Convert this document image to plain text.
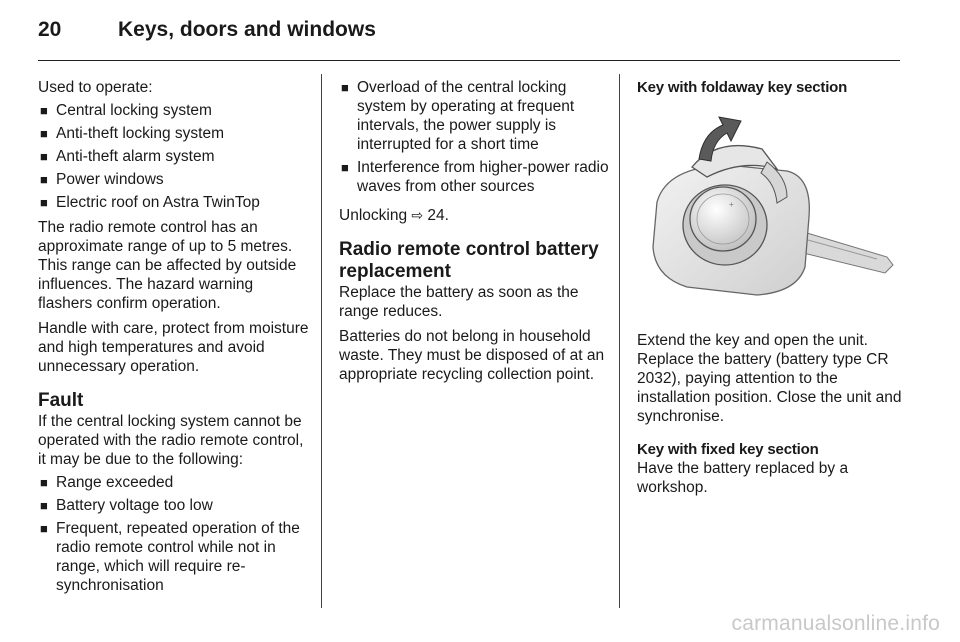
20	Keys, doors and windows

Used to operate:

■ Central locking system
■ Anti-theft locking system
■ Anti-theft alarm system
■ Power windows
■ Electric roof on Astra TwinTop

The radio remote control has an approximate range of up to 5 metres. This range can be affected by outside influences. The hazard warning flashers confirm operation.

Handle with care, protect from moisture and high temperatures and avoid unnecessary operation.

Fault

If the central locking system cannot be operated with the radio remote control, it may be due to the following:

■ Range exceeded
■ Battery voltage too low
■ Frequent, repeated operation of the radio remote control while not in range, which will require re-synchronisation
■ Overload of the central locking system by operating at frequent intervals, the power supply is interrupted for a short time
■ Interference from higher-power radio waves from other sources

Unlocking ⇨ 24.

Radio remote control battery replacement

Replace the battery as soon as the range reduces.

Batteries do not belong in household waste. They must be disposed of at an appropriate recycling collection point.

Key with foldaway key section
+

Extend the key and open the unit. Replace the battery (battery type CR 2032), paying attention to the installation position. Close the unit and synchronise.

Key with fixed key section

Have the battery replaced by a workshop.

carmanualsonline.info
